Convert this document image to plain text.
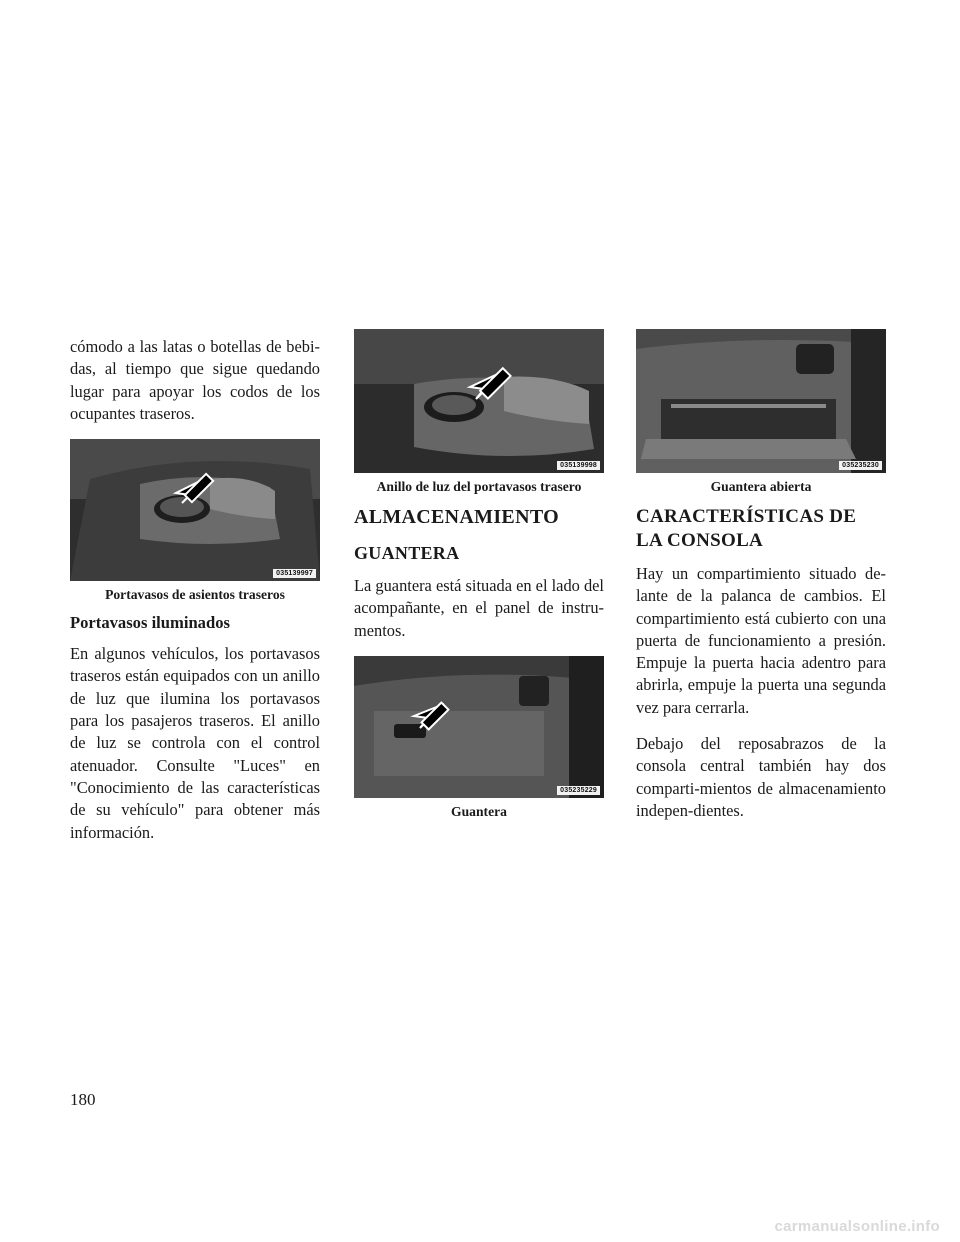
cómodo a las latas o botellas de bebi-das, al tiempo que sigue quedando lugar para apoyar los codos de los ocupantes traseros.

035139997
Portavasos de asientos traseros
Portavasos iluminados

En algunos vehículos, los portavasos traseros están equipados con un anillo de luz que ilumina los portavasos para los pasajeros traseros. El anillo de luz se controla con el control atenuador. Consulte "Luces" en "Conocimiento de las características de su vehículo" para obtener más información.

035139998
Anillo de luz del portavasos trasero
ALMACENAMIENTO
GUANTERA

La guantera está situada en el lado del acompañante, en el panel de instru-mentos.

035235229
Guantera
035235230
Guantera abierta
CARACTERÍSTICAS DE LA CONSOLA

Hay un compartimiento situado de-lante de la palanca de cambios. El compartimiento está cubierto con una puerta de funcionamiento a presión. Empuje la puerta hacia adentro para abrirla, empuje la puerta una segunda vez para cerrarla.

Debajo del reposabrazos de la consola central también hay dos comparti-mientos de almacenamiento indepen-dientes.

180
carmanualsonline.info
